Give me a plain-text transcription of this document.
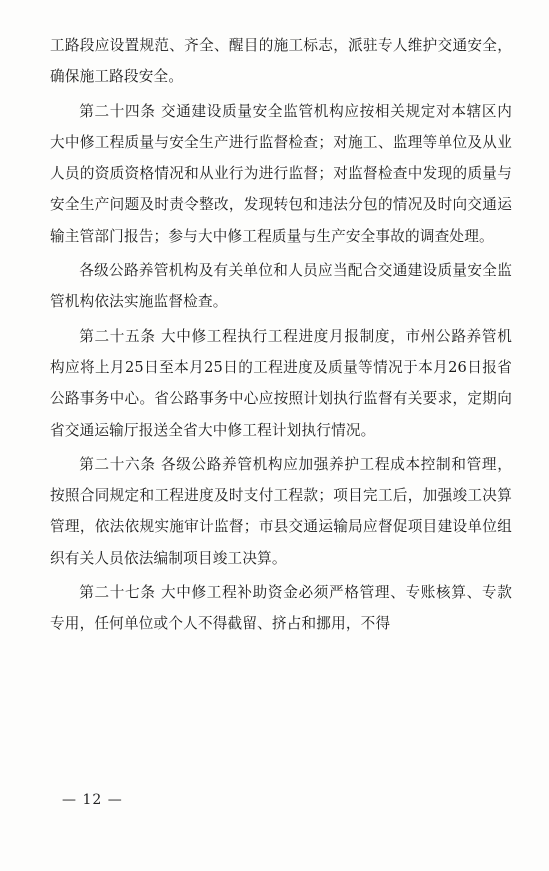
工路段应设置规范、齐全、醒目的施工标志，派驻专人维护交通安全，确保施工路段安全。

第二十四条 交通建设质量安全监管机构应按相关规定对本辖区内大中修工程质量与安全生产进行监督检查；对施工、监理等单位及从业人员的资质资格情况和从业行为进行监督；对监督检查中发现的质量与安全生产问题及时责令整改，发现转包和违法分包的情况及时向交通运输主管部门报告；参与大中修工程质量与生产安全事故的调查处理。

各级公路养管机构及有关单位和人员应当配合交通建设质量安全监管机构依法实施监督检查。

第二十五条 大中修工程执行工程进度月报制度，市州公路养管机构应将上月25日至本月25日的工程进度及质量等情况于本月26日报省公路事务中心。省公路事务中心应按照计划执行监督有关要求，定期向省交通运输厅报送全省大中修工程计划执行情况。

第二十六条 各级公路养管机构应加强养护工程成本控制和管理，按照合同规定和工程进度及时支付工程款；项目完工后，加强竣工决算管理，依法依规实施审计监督；市县交通运输局应督促项目建设单位组织有关人员依法编制项目竣工决算。

第二十七条 大中修工程补助资金必须严格管理、专账核算、专款专用，任何单位或个人不得截留、挤占和挪用，不得

— 12 —
